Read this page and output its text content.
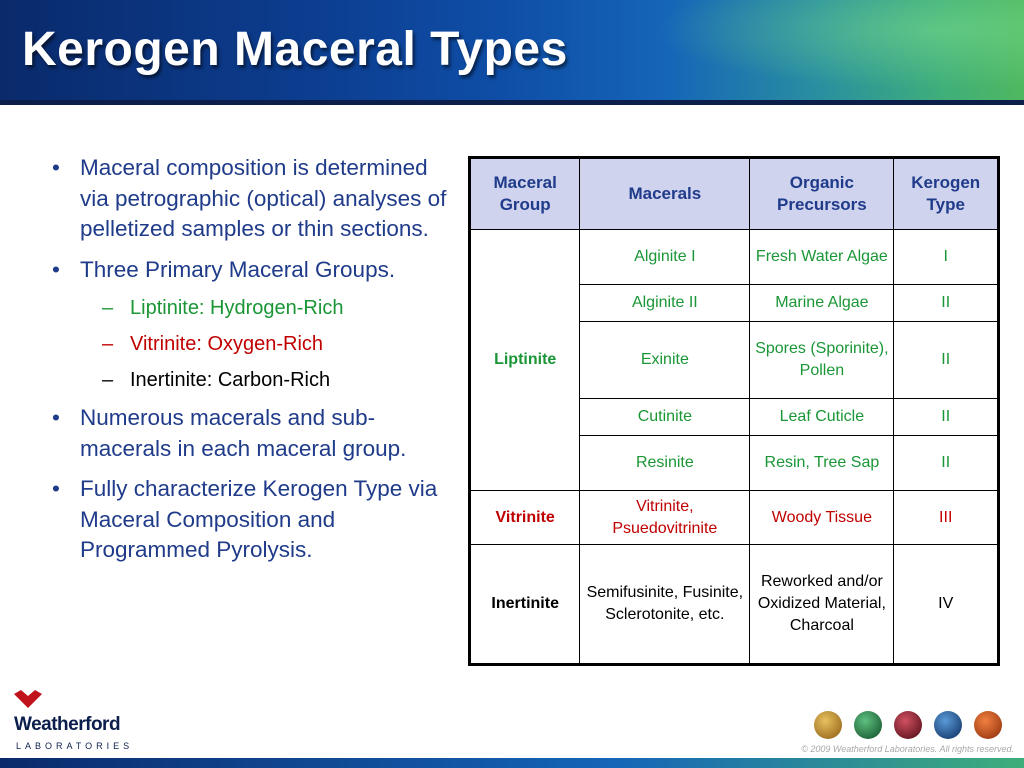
Kerogen Maceral Types
• Maceral composition is determined via petrographic (optical) analyses of pelletized samples or thin sections.
• Three Primary Maceral Groups.
– Liptinite: Hydrogen-Rich
– Vitrinite: Oxygen-Rich
– Inertinite: Carbon-Rich
• Numerous macerals and sub-macerals in each maceral group.
• Fully characterize Kerogen Type via Maceral Composition and Programmed Pyrolysis.
Maceral Group	Macerals	Organic Precursors	Kerogen Type
Liptinite	Alginite I	Fresh Water Algae	I
	Alginite II	Marine Algae	II
	Exinite	Spores (Sporinite), Pollen	II
	Cutinite	Leaf Cuticle	II
	Resinite	Resin, Tree Sap	II
Vitrinite	Vitrinite, Psuedovitrinite	Woody Tissue	III
Inertinite	Semifusinite, Fusinite, Sclerotonite, etc.	Reworked and/or Oxidized Material, Charcoal	IV
Weatherford
LABORATORIES	© 2009 Weatherford Laboratories. All rights reserved.
